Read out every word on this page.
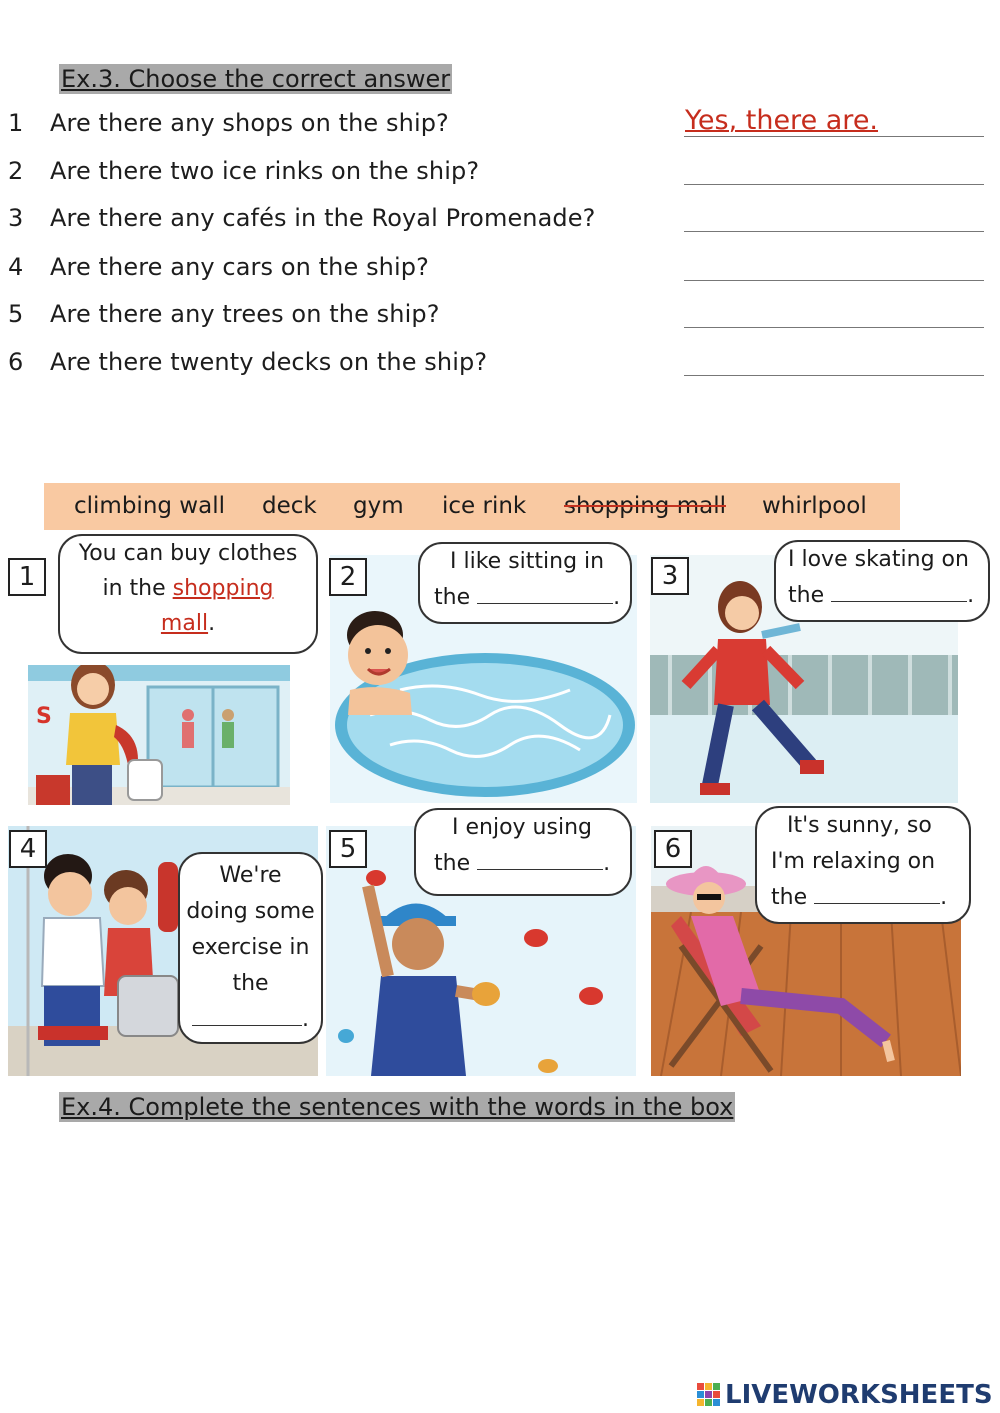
Ex.3. Choose the correct answer
1	Are there any shops on the ship?	Yes, there are.
2	Are there two ice rinks on the ship?
3	Are there any cafés in the Royal Promenade?
4	Are there any cars on the ship?
5	Are there any trees on the ship?
6	Are there twenty decks on the ship?
climbing wall deck gym ice rink shopping mall whirlpool
S
You can buy clothes
in the shopping
mall.
1
I like sitting in
the	.
2
I love skating on
the	.
3
We're
doing some
exercise in
the
.
4
I enjoy using
the	.
5
It's sunny, so
I'm relaxing on
the	.
6
Ex.4. Complete the sentences with the words in the box
LIVEWORKSHEETS
